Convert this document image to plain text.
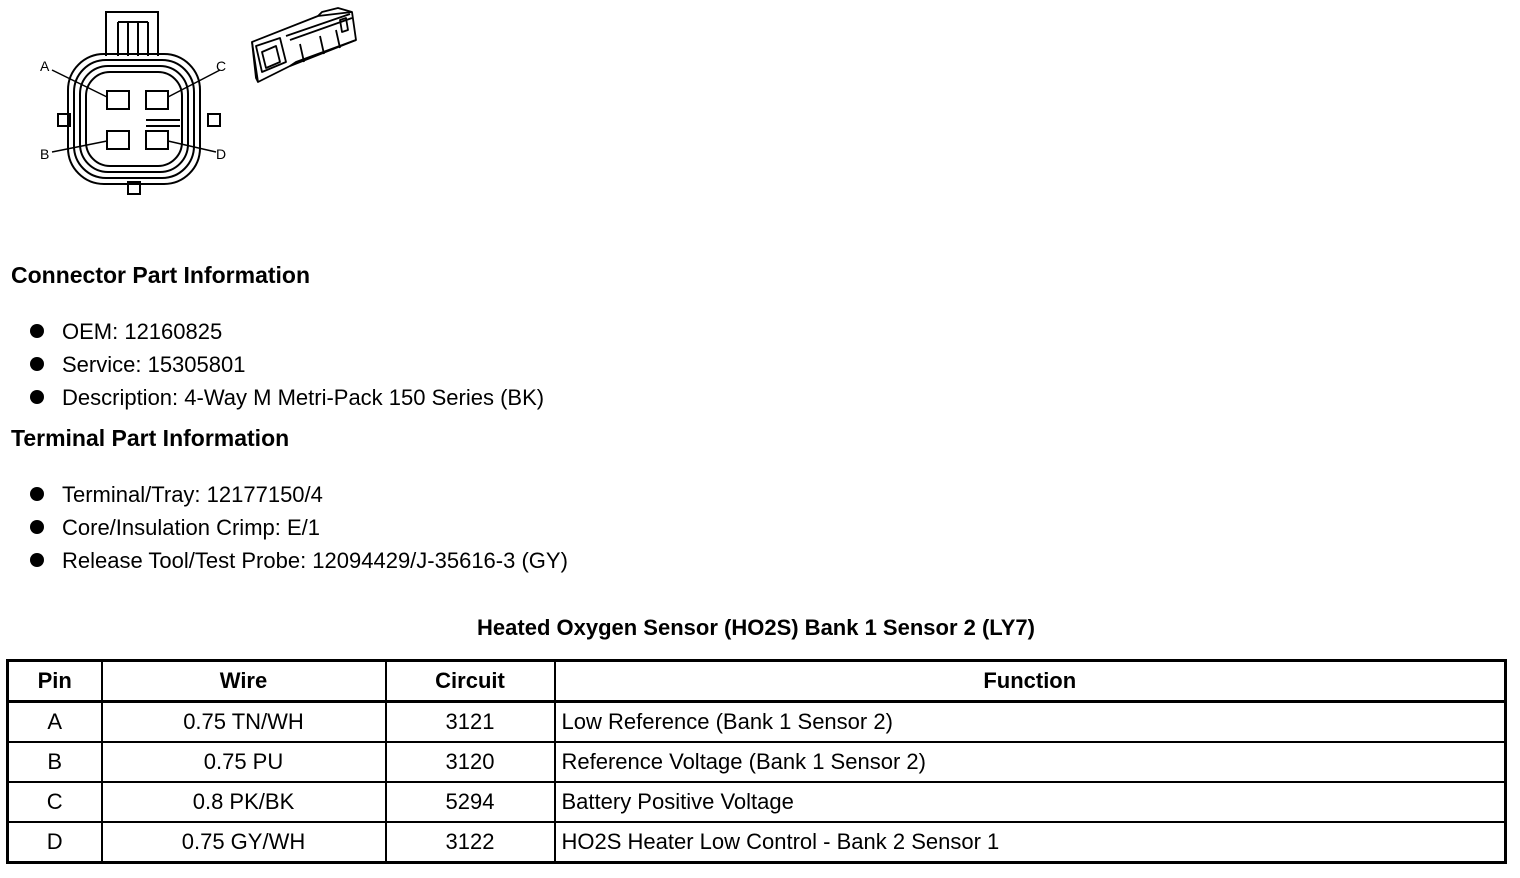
A	C
B	D
Connector Part Information
OEM: 12160825
Service: 15305801
Description: 4-Way M Metri-Pack 150 Series (BK)
Terminal Part Information
Terminal/Tray: 12177150/4
Core/Insulation Crimp: E/1
Release Tool/Test Probe: 12094429/J-35616-3 (GY)
Heated Oxygen Sensor (HO2S) Bank 1 Sensor 2 (LY7)
Pin	Wire	Circuit	Function
A	0.75 TN/WH	3121	Low Reference (Bank 1 Sensor 2)
B	0.75 PU	3120	Reference Voltage (Bank 1 Sensor 2)
C	0.8 PK/BK	5294	Battery Positive Voltage
D	0.75 GY/WH	3122	HO2S Heater Low Control - Bank 2 Sensor 1
